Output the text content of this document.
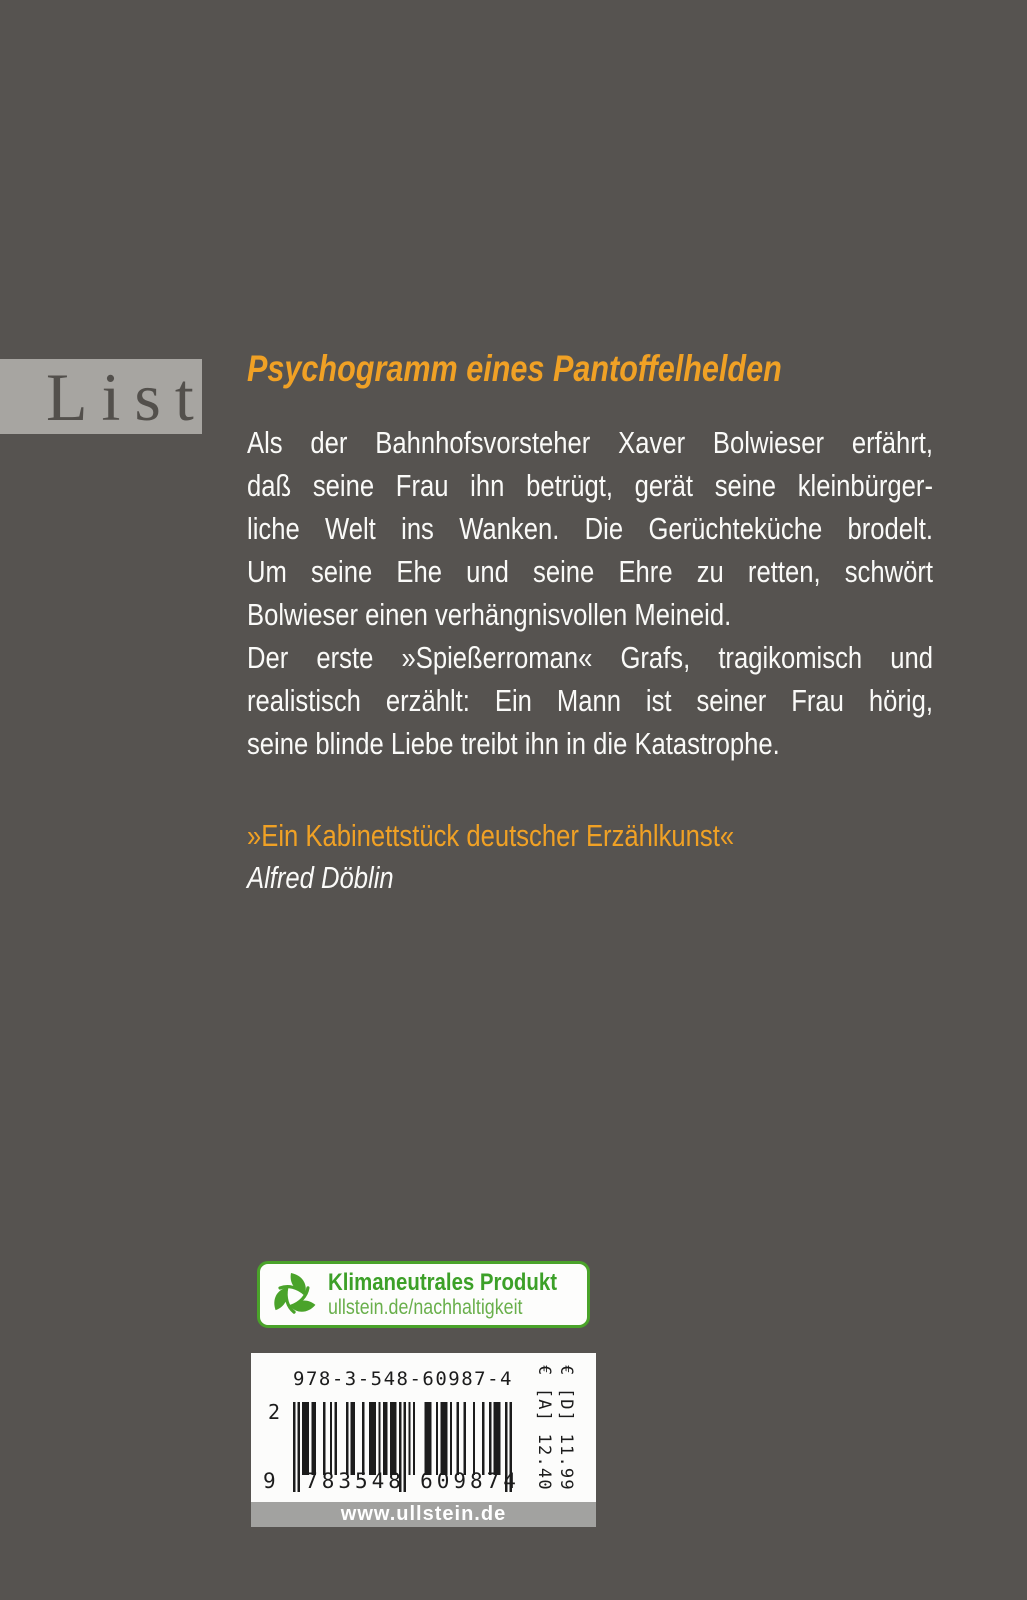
List Psychogramm eines Pantoffelhelden
Als der Bahnhofsvorsteher Xaver Bolwieser erfährt,
daß seine Frau ihn betrügt, gerät seine kleinbürger-
liche Welt ins Wanken. Die Gerüchteküche brodelt.
Um seine Ehe und seine Ehre zu retten, schwört
Bolwieser einen verhängnisvollen Meineid.
Der erste »Spießerroman« Grafs, tragikomisch und
realistisch erzählt: Ein Mann ist seiner Frau hörig,
seine blinde Liebe treibt ihn in die Katastrophe.
»Ein Kabinettstück deutscher Erzählkunst«
Alfred Döblin
Klimaneutrales Produkt
ullstein.de/nachhaltigkeit
978-3-548-60987-4
2
9	783548 609874	€ [D] 11.99
€ [A] 12.40
www.ullstein.de
